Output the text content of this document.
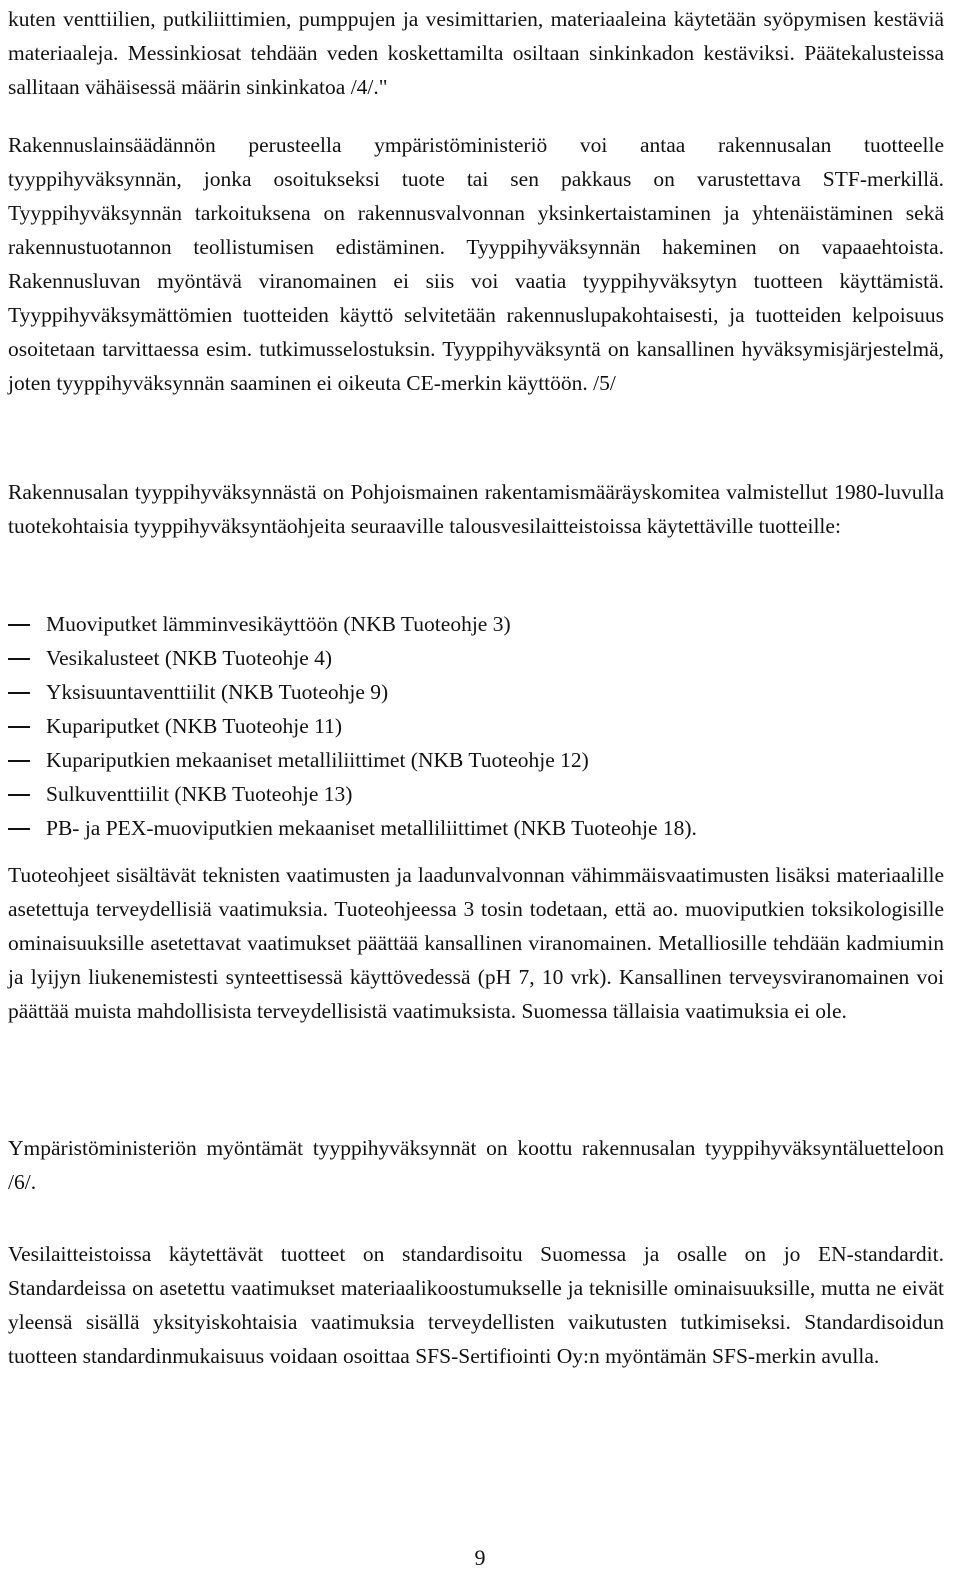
kuten venttiilien, putkiliittimien, pumppujen ja vesimittarien, materiaaleina käytetään syöpymisen kestäviä materiaaleja. Messinkiosat tehdään veden koskettamilta osiltaan sinkinkadon kestäviksi. Päätekalusteissa sallitaan vähäisessä määrin sinkinkatoa /4/."

Rakennuslainsäädännön perusteella ympäristöministeriö voi antaa rakennusalan tuotteelle tyyppihyväksynnän, jonka osoitukseksi tuote tai sen pakkaus on varustettava STF-merkillä. Tyyppihyväksynnän tarkoituksena on rakennusvalvonnan yksinkertaistaminen ja yhtenäistäminen sekä rakennustuotannon teollistumisen edistäminen. Tyyppihyväksynnän hakeminen on vapaaehtoista. Rakennusluvan myöntävä viranomainen ei siis voi vaatia tyyppihyväksytyn tuotteen käyttämistä. Tyyppihyväksymättömien tuotteiden käyttö selvitetään rakennuslupakohtaisesti, ja tuotteiden kelpoisuus osoitetaan tarvittaessa esim. tutkimusselostuksin. Tyyppihyväksyntä on kansallinen hyväksymisjärjestelmä, joten tyyppihyväksynnän saaminen ei oikeuta CE-merkin käyttöön. /5/

Rakennusalan tyyppihyväksynnästä on Pohjoismainen rakentamismääräyskomitea valmistellut 1980-luvulla tuotekohtaisia tyyppihyväksyntäohjeita seuraaville talousvesilaitteistoissa käytettäville tuotteille:

Muoviputket lämminvesikäyttöön (NKB Tuoteohje 3)
Vesikalusteet (NKB Tuoteohje 4)
Yksisuuntaventtiilit (NKB Tuoteohje 9)
Kupariputket (NKB Tuoteohje 11)
Kupariputkien mekaaniset metalliliittimet (NKB Tuoteohje 12)
Sulkuventtiilit (NKB Tuoteohje 13)
PB- ja PEX-muoviputkien mekaaniset metalliliittimet (NKB Tuoteohje 18).

Tuoteohjeet sisältävät teknisten vaatimusten ja laadunvalvonnan vähimmäisvaatimusten lisäksi materiaalille asetettuja terveydellisiä vaatimuksia. Tuoteohjeessa 3 tosin todetaan, että ao. muoviputkien toksikologisille ominaisuuksille asetettavat vaatimukset päättää kansallinen viranomainen. Metalliosille tehdään kadmiumin ja lyijyn liukenemistesti synteettisessä käyttövedessä (pH 7, 10 vrk). Kansallinen terveysviranomainen voi päättää muista mahdollisista terveydellisistä vaatimuksista. Suomessa tällaisia vaatimuksia ei ole.

Ympäristöministeriön myöntämät tyyppihyväksynnät on koottu rakennusalan tyyppihyväksyntäluetteloon /6/.

Vesilaitteistoissa käytettävät tuotteet on standardisoitu Suomessa ja osalle on jo EN-standardit. Standardeissa on asetettu vaatimukset materiaalikoostumukselle ja teknisille ominaisuuksille, mutta ne eivät yleensä sisällä yksityiskohtaisia vaatimuksia terveydellisten vaikutusten tutkimiseksi. Standardisoidun tuotteen standardinmukaisuus voidaan osoittaa SFS-Sertifiointi Oy:n myöntämän SFS-merkin avulla.

9
